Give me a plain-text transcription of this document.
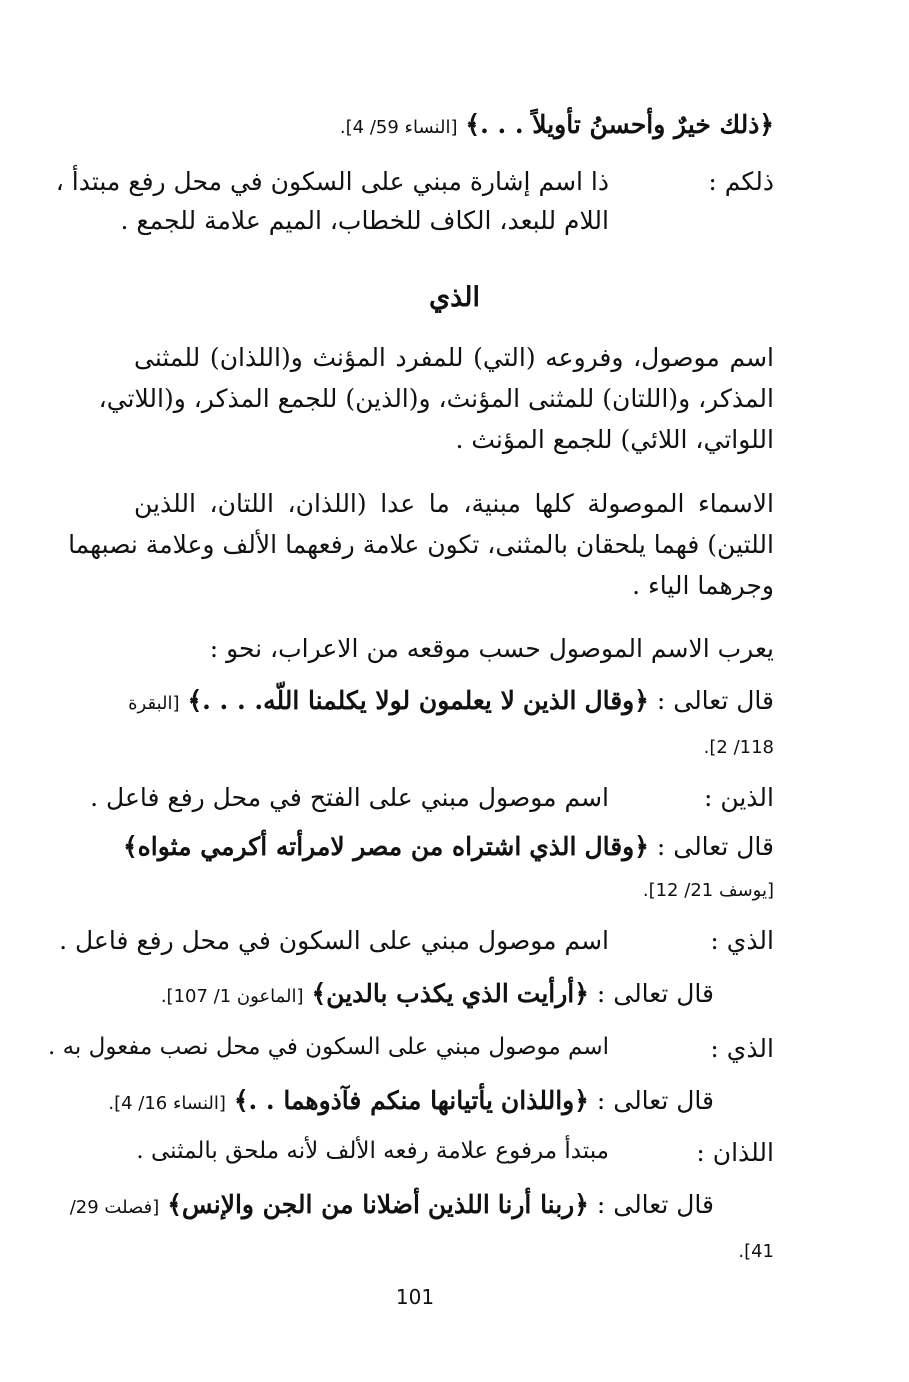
﴿ذلك خيرٌ وأحسنُ تأويلاً . . .﴾ [النساء 59/ 4].
ذلكم :
ذا اسم إشارة مبني على السكون في محل رفع مبتدأ ،
اللام للبعد، الكاف للخطاب، الميم علامة للجمع .
الذي
اسم موصول، وفروعه (التي) للمفرد المؤنث و(اللذان) للمثنى
المذكر، و(اللتان) للمثنى المؤنث، و(الذين) للجمع المذكر، و(اللاتي،
اللواتي، اللائي) للجمع المؤنث .
الاسماء الموصولة كلها مبنية، ما عدا (اللذان، اللتان، اللذين
اللتين) فهما يلحقان بالمثنى، تكون علامة رفعهما الألف وعلامة نصبهما
وجرهما الياء .
يعرب الاسم الموصول حسب موقعه من الاعراب، نحو :
قال تعالى : ﴿وقال الذين لا يعلمون لولا يكلمنا اللّه. . . .﴾ [البقرة
118/ 2].
الذين :
اسم موصول مبني على الفتح في محل رفع فاعل .
قال تعالى : ﴿وقال الذي اشتراه من مصر لامرأته أكرمي مثواه﴾
[يوسف 21/ 12].
الذي :
اسم موصول مبني على السكون في محل رفع فاعل .
قال تعالى : ﴿أرأيت الذي يكذب بالدين﴾ [الماعون 1/ 107].
الذي :
اسم موصول مبني على السكون في محل نصب مفعول به .
قال تعالى : ﴿واللذان يأتيانها منكم فآذوهما . .﴾ [النساء 16/ 4].
اللذان :
مبتدأ مرفوع علامة رفعه الألف لأنه ملحق بالمثنى .
قال تعالى : ﴿ربنا أرنا اللذين أضلانا من الجن والإنس﴾ [فصلت 29/
41].
101
